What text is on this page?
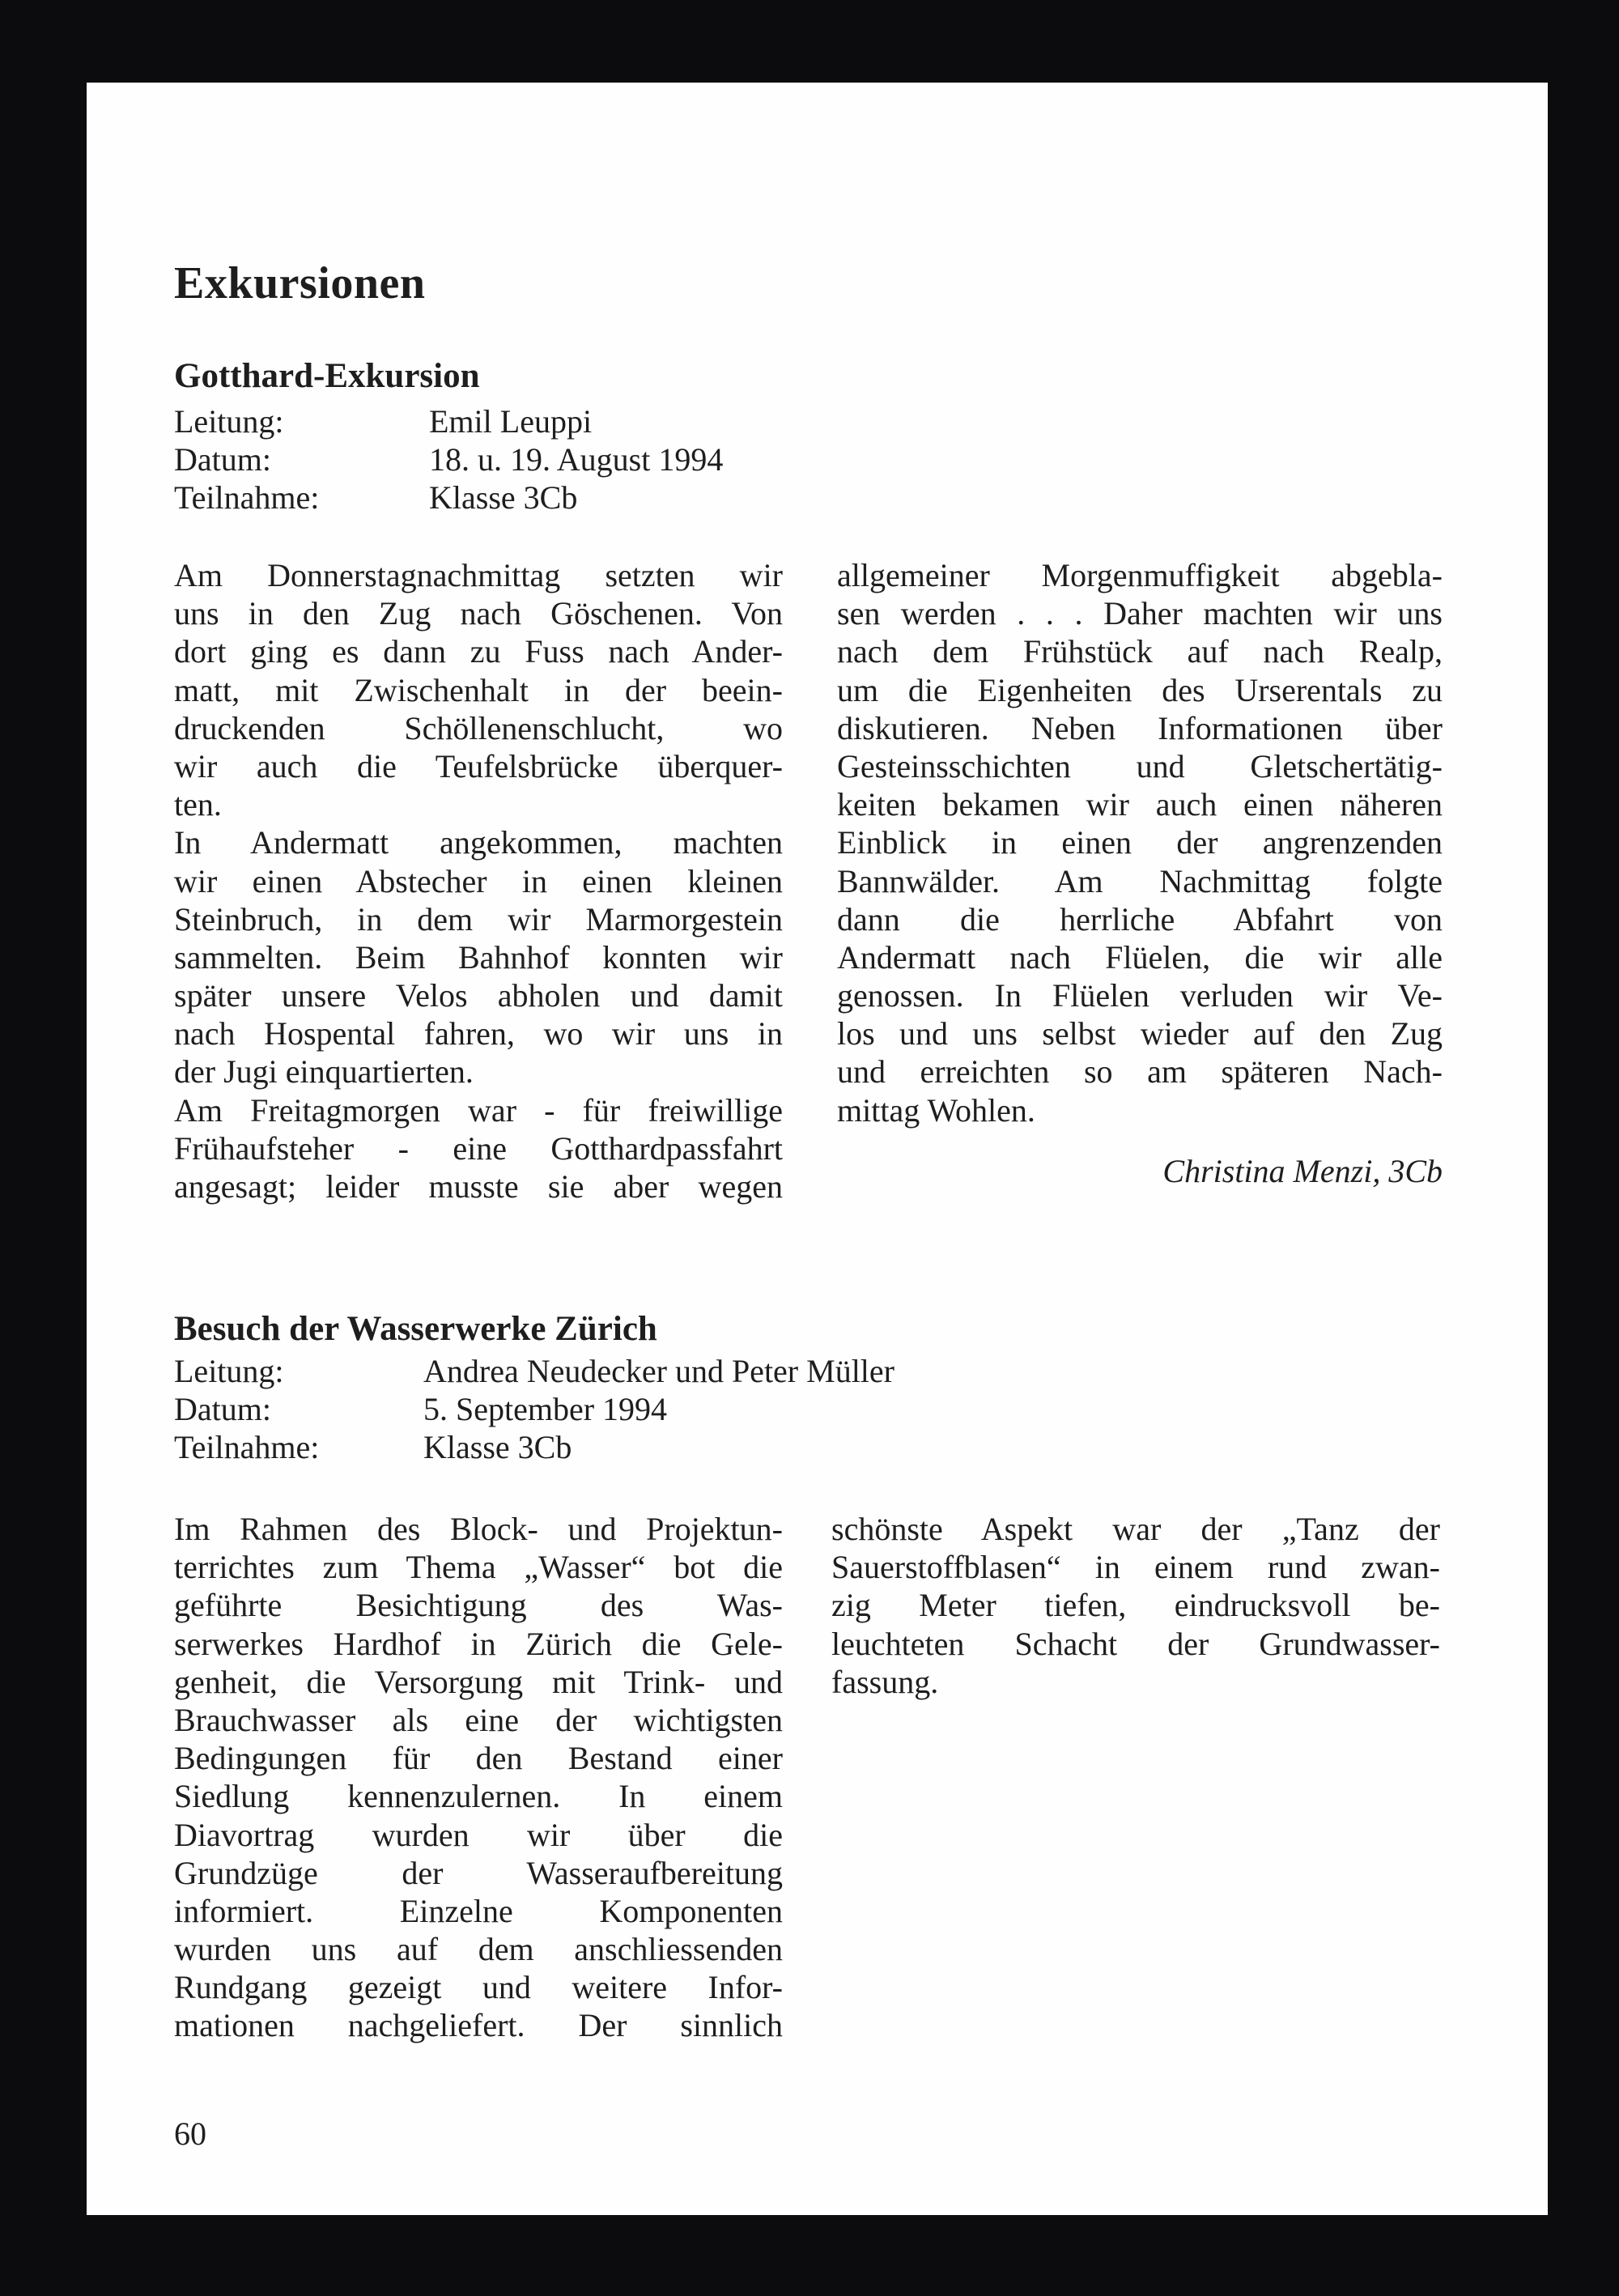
Exkursionen
Gotthard-Exkursion
Leitung:	Emil Leuppi
Datum:	18. u. 19. August 1994
Teilnahme:	Klasse 3Cb
Am Donnerstagnachmittag setzten wir
uns in den Zug nach Göschenen. Von
dort ging es dann zu Fuss nach Ander-
matt, mit Zwischenhalt in der beein-
druckenden Schöllenenschlucht, wo
wir auch die Teufelsbrücke überquer-
ten.
In Andermatt angekommen, machten
wir einen Abstecher in einen kleinen
Steinbruch, in dem wir Marmorgestein
sammelten. Beim Bahnhof konnten wir
später unsere Velos abholen und damit
nach Hospental fahren, wo wir uns in
der Jugi einquartierten.
Am Freitagmorgen war - für freiwillige
Frühaufsteher - eine Gotthardpassfahrt
angesagt; leider musste sie aber wegen
allgemeiner Morgenmuffigkeit abgebla-
sen werden . . . Daher machten wir uns
nach dem Frühstück auf nach Realp,
um die Eigenheiten des Urserentals zu
diskutieren. Neben Informationen über
Gesteinsschichten und Gletschertätig-
keiten bekamen wir auch einen näheren
Einblick in einen der angrenzenden
Bannwälder. Am Nachmittag folgte
dann die herrliche Abfahrt von
Andermatt nach Flüelen, die wir alle
genossen. In Flüelen verluden wir Ve-
los und uns selbst wieder auf den Zug
und erreichten so am späteren Nach-
mittag Wohlen.
Christina Menzi, 3Cb
Besuch der Wasserwerke Zürich
Leitung:	Andrea Neudecker und Peter Müller
Datum:	5. September 1994
Teilnahme:	Klasse 3Cb
Im Rahmen des Block- und Projektun-
terrichtes zum Thema „Wasser“ bot die
geführte Besichtigung des Was-
serwerkes Hardhof in Zürich die Gele-
genheit, die Versorgung mit Trink- und
Brauchwasser als eine der wichtigsten
Bedingungen für den Bestand einer
Siedlung kennenzulernen. In einem
Diavortrag wurden wir über die
Grundzüge der Wasseraufbereitung
informiert. Einzelne Komponenten
wurden uns auf dem anschliessenden
Rundgang gezeigt und weitere Infor-
mationen nachgeliefert. Der sinnlich
schönste Aspekt war der „Tanz der
Sauerstoffblasen“ in einem rund zwan-
zig Meter tiefen, eindrucksvoll be-
leuchteten Schacht der Grundwasser-
fassung.
60
